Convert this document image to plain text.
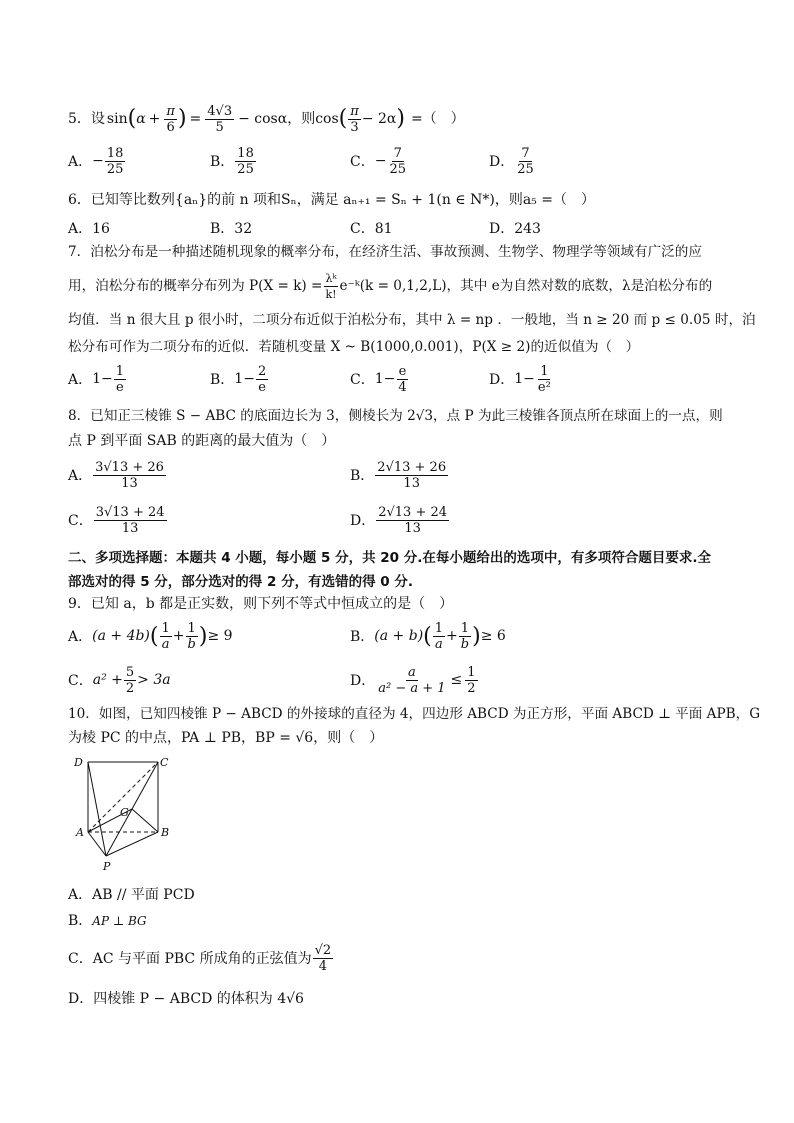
5．设 sin ( $\alpha + \frac{\pi}{6}$ ) = $\frac{4√3}{5} - \cos\alpha$，则 cos ( $\frac{\pi}{3} - 2\alpha$ ) =（　）
A． − $\frac{18}{25}$	B． $\frac{18}{25}$	C． − $\frac{7}{25}$	D． $\frac{7}{25}$
6．已知等比数列{aₙ}的前 n 项和Sₙ，满足 aₙ₊₁ = Sₙ + 1(n ∈ N*)，则a₅ =（　）
A．16	B．32	C．81	D．243
7．泊松分布是一种描述随机现象的概率分布，在经济生活、事故预测、生物学、物理学等领域有广泛的应
用，泊松分布的概率分布列为 $P(X = k) = \frac{\text{λᵏ}}{k!}$ e⁻ᵏ(k = 0,1,2,L)，其中 e为自然对数的底数，λ是泊松分布的
均值．当 n 很大且 p 很小时，二项分布近似于泊松分布，其中 λ = np ．一般地，当 n ≥ 20 而 p ≤ 0.05 时，泊
松分布可作为二项分布的近似．若随机变量 X ~ B(1000,0.001)，P(X ≥ 2)的近似值为（　）
A． $1- \frac{1}{e}$	B． $1- \frac{2}{e}$	C． $1- \frac{e}{4}$	D． $1- \frac{1}{\text{e²}}$
8．已知正三棱锥 S − ABC 的底面边长为 3，侧棱长为 2√3，点 P 为此三棱锥各顶点所在球面上的一点，则
点 P 到平面 SAB 的距离的最大值为（　）
A． $\frac{3√13 + 26}{13}$	B． $\frac{2√13 + 26}{13}$
C． $\frac{3√13 + 24}{13}$	D． $\frac{2√13 + 24}{13}$
二、多项选择题：本题共 4 小题，每小题 5 分，共 20 分.在每小题给出的选项中，有多项符合题目要求.全
部选对的得 5 分，部分选对的得 2 分，有选错的得 0 分.
9．已知 a，b 都是正实数，则下列不等式中恒成立的是（　）
A． (a + 4b) ( $\frac{1}{a} + \frac{1}{b}$ ) ≥ 9	B． (a + b) ( $\frac{1}{a} + \frac{1}{b}$ ) ≥ 6
C． $a^2 + \frac{5}{2} > 3a$	D． $\frac{a}{\text{a² − a + 1}} \le \frac{1}{2}$
10．如图，已知四棱锥 P − ABCD 的外接球的直径为 4，四边形 ABCD 为正方形，平面 ABCD ⊥ 平面 APB，G
为棱 PC 的中点，PA ⊥ PB，BP = √6，则（　）
D	C
A	B
G
P
A．AB // 平面 PCD
B．AP ⊥ BG
C． AC 与平面 PBC 所成角的正弦值为 $\frac{√2}{4}$
D．四棱锥 P − ABCD 的体积为 4√6
